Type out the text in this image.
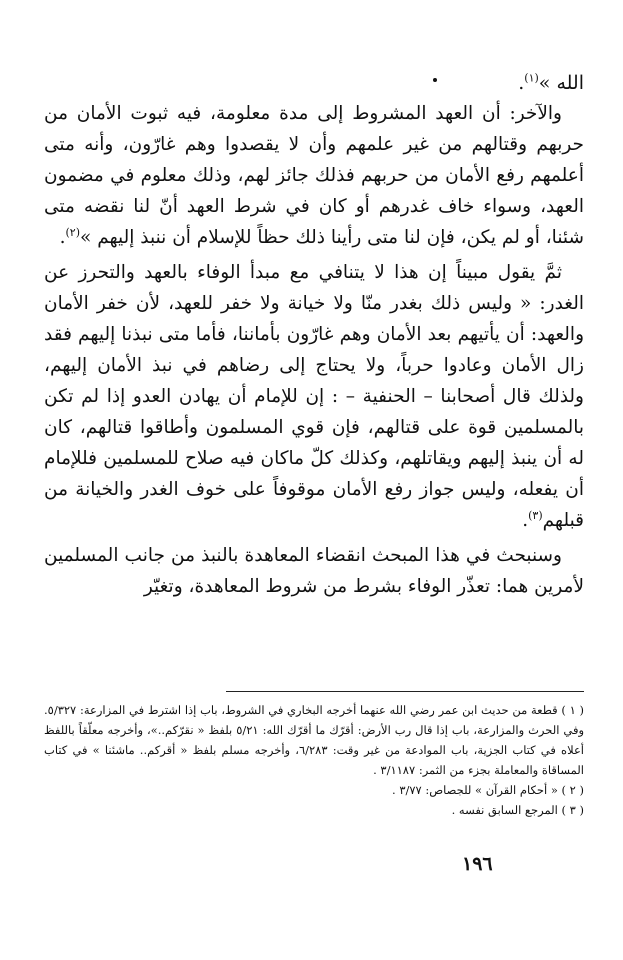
الله »$^{(١)}$.

والآخر: أن العهد المشروط إلى مدة معلومة، فيه ثبوت الأمان من حربهم وقتالهم من غير علمهم وأن لا يقصدوا وهم غارّون، وأنه متى أعلمهم رفع الأمان من حربهم فذلك جائز لهم، وذلك معلوم في مضمون العهد، وسواء خاف غدرهم أو كان في شرط العهد أنّ لنا نقضه متى شئنا، أو لم يكن، فإن لنا متى رأينا ذلك حظاً للإسلام أن ننبذ إليهم »$^{(٢)}$.

ثمَّ يقول مبيناً إن هذا لا يتنافي مع مبدأ الوفاء بالعهد والتحرز عن الغدر: « وليس ذلك بغدر منّا ولا خيانة ولا خفر للعهد، لأن خفر الأمان والعهد: أن يأتيهم بعد الأمان وهم غارّون بأماننا، فأما متى نبذنا إليهم فقد زال الأمان وعادوا حرباً، ولا يحتاج إلى رضاهم في نبذ الأمان إليهم، ولذلك قال أصحابنا – الحنفية – : إن للإمام أن يهادن العدو إذا لم تكن بالمسلمين قوة على قتالهم، فإن قوي المسلمون وأطاقوا قتالهم، كان له أن ينبذ إليهم ويقاتلهم، وكذلك كلّ ماكان فيه صلاح للمسلمين فللإمام أن يفعله، وليس جواز رفع الأمان موقوفاً على خوف الغدر والخيانة من قبلهم$^{(٣)}$.

وسنبحث في هذا المبحث انقضاء المعاهدة بالنبذ من جانب المسلمين لأمرين هما: تعذّر الوفاء بشرط من شروط المعاهدة، وتغيّر

( ١ ) قطعة من حديث ابن عمر رضي الله عنهما أخرجه البخاري في الشروط، باب إذا اشترط في المزارعة: ٥/٣٢٧. وفي الحرث والمزارعة، باب إذا قال رب الأرض: أقرّك ما أقرّك الله: ٥/٢١ بلفظ « نقرّكم..»، وأخرجه معلّقاً باللفظ أعلاه في كتاب الجزية، باب الموادعة من غير وقت: ٦/٢٨٣، وأخرجه مسلم بلفظ « أقركم.. ماشئنا » في كتاب المساقاة والمعاملة بجزء من الثمر: ٣/١١٨٧ .

( ٢ ) « أحكام القرآن » للجصاص: ٣/٧٧ .

( ٣ ) المرجع السابق نفسه .

١٩٦
